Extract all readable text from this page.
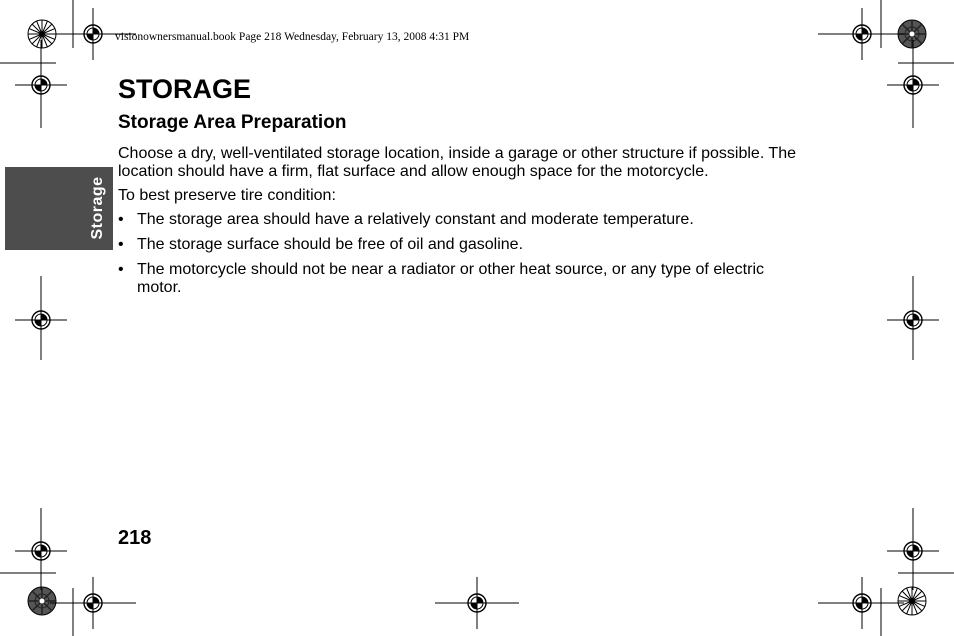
visionownersmanual.book Page 218 Wednesday, February 13, 2008 4:31 PM
Storage
STORAGE
Storage Area Preparation

Choose a dry, well-ventilated storage location, inside a garage or other structure if possible. The location should have a firm, flat surface and allow enough space for the motorcycle.

To best preserve tire condition:

• The storage area should have a relatively constant and moderate temperature.
• The storage surface should be free of oil and gasoline.
• The motorcycle should not be near a radiator or other heat source, or any type of electric motor.
218
